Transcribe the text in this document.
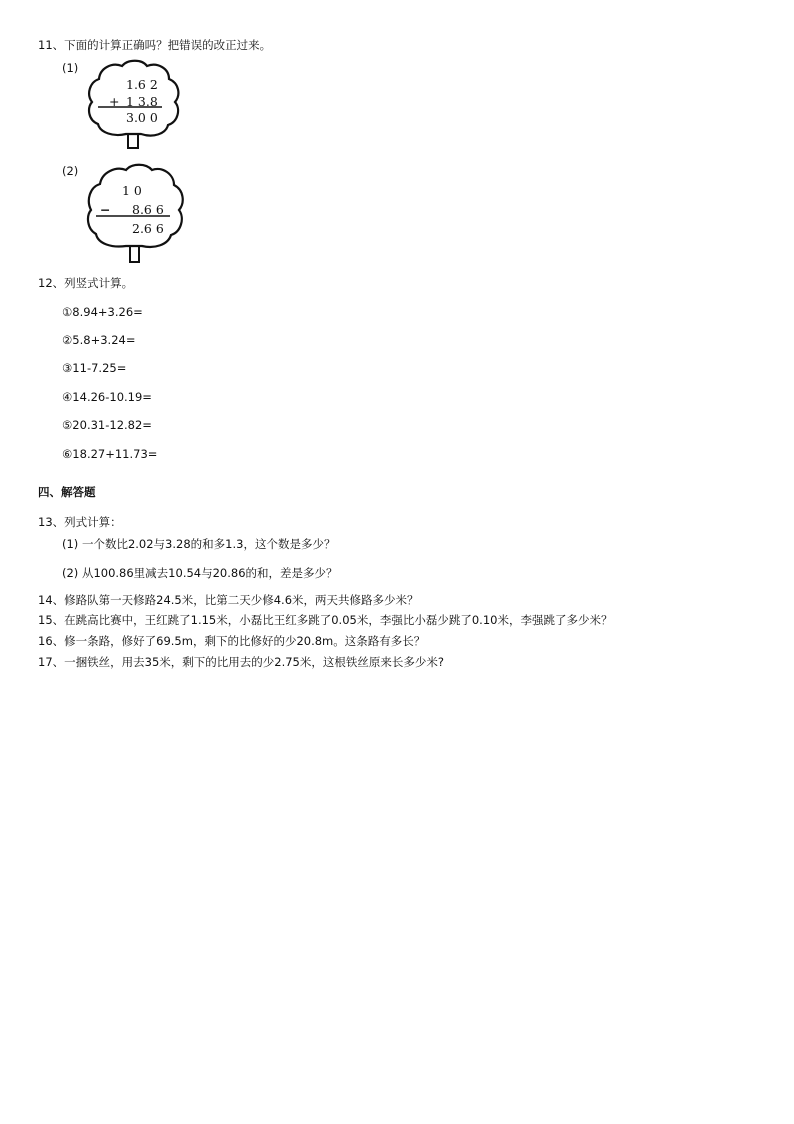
11、下面的计算正确吗？把错误的改正过来。
(1)
1.6 2
+ 1 3.8
3.0 0
(2)
1 0
− 8.6 6
2.6 6
12、列竖式计算。
①8.94+3.26=
②5.8+3.24=
③11-7.25=
④14.26-10.19=
⑤20.31-12.82=
⑥18.27+11.73=
四、解答题
13、列式计算：
(1) 一个数比2.02与3.28的和多1.3，这个数是多少？
(2) 从100.86里减去10.54与20.86的和，差是多少？
14、修路队第一天修路24.5米，比第二天少修4.6米，两天共修路多少米？
15、在跳高比赛中，王红跳了1.15米，小磊比王红多跳了0.05米，李强比小磊少跳了0.10米，李强跳了多少米？
16、修一条路，修好了69.5m，剩下的比修好的少20.8m。这条路有多长？
17、一捆铁丝，用去35米，剩下的比用去的少2.75米，这根铁丝原来长多少米?
